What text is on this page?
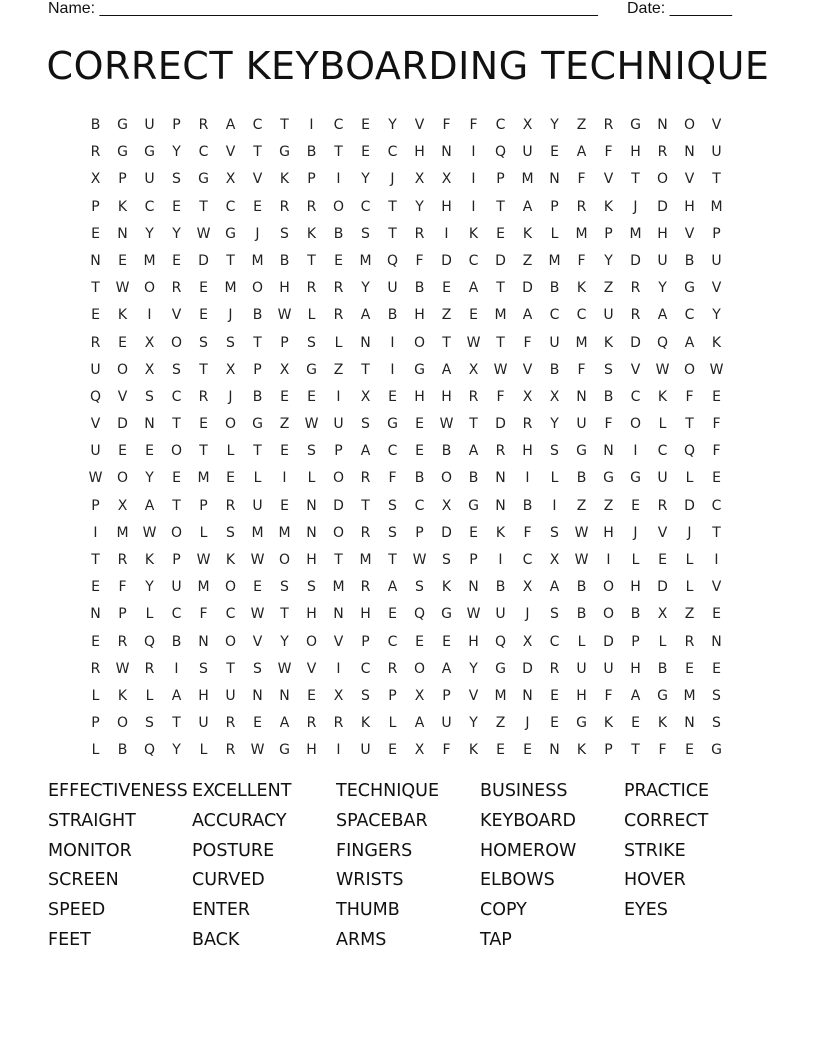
Name: ________________________________________________________ Date: _______
CORRECT KEYBOARDING TECHNIQUE
B	G	U	P	R	A	C	T	I	C	E	Y	V	F	F	C	X	Y	Z	R	G	N	O	V
R	G	G	Y	C	V	T	G	B	T	E	C	H	N	I	Q	U	E	A	F	H	R	N	U
X	P	U	S	G	X	V	K	P	I	Y	J	X	X	I	P	M	N	F	V	T	O	V	T
P	K	C	E	T	C	E	R	R	O	C	T	Y	H	I	T	A	P	R	K	J	D	H	M
E	N	Y	Y	W	G	J	S	K	B	S	T	R	I	K	E	K	L	M	P	M	H	V	P
N	E	M	E	D	T	M	B	T	E	M	Q	F	D	C	D	Z	M	F	Y	D	U	B	U
T	W	O	R	E	M	O	H	R	R	Y	U	B	E	A	T	D	B	K	Z	R	Y	G	V
E	K	I	V	E	J	B	W	L	R	A	B	H	Z	E	M	A	C	C	U	R	A	C	Y
R	E	X	O	S	S	T	P	S	L	N	I	O	T	W	T	F	U	M	K	D	Q	A	K
U	O	X	S	T	X	P	X	G	Z	T	I	G	A	X	W	V	B	F	S	V	W	O	W
Q	V	S	C	R	J	B	E	E	I	X	E	H	H	R	F	X	X	N	B	C	K	F	E
V	D	N	T	E	O	G	Z	W	U	S	G	E	W	T	D	R	Y	U	F	O	L	T	F
U	E	E	O	T	L	T	E	S	P	A	C	E	B	A	R	H	S	G	N	I	C	Q	F
W	O	Y	E	M	E	L	I	L	O	R	F	B	O	B	N	I	L	B	G	G	U	L	E
P	X	A	T	P	R	U	E	N	D	T	S	C	X	G	N	B	I	Z	Z	E	R	D	C
I	M	W	O	L	S	M	M	N	O	R	S	P	D	E	K	F	S	W	H	J	V	J	T
T	R	K	P	W	K	W	O	H	T	M	T	W	S	P	I	C	X	W	I	L	E	L	I
E	F	Y	U	M	O	E	S	S	M	R	A	S	K	N	B	X	A	B	O	H	D	L	V
N	P	L	C	F	C	W	T	H	N	H	E	Q	G	W	U	J	S	B	O	B	X	Z	E
E	R	Q	B	N	O	V	Y	O	V	P	C	E	E	H	Q	X	C	L	D	P	L	R	N
R	W	R	I	S	T	S	W	V	I	C	R	O	A	Y	G	D	R	U	U	H	B	E	E
L	K	L	A	H	U	N	N	E	X	S	P	X	P	V	M	N	E	H	F	A	G	M	S
P	O	S	T	U	R	E	A	R	R	K	L	A	U	Y	Z	J	E	G	K	E	K	N	S
L	B	Q	Y	L	R	W	G	H	I	U	E	X	F	K	E	E	N	K	P	T	F	E	G
EFFECTIVENESS EXCELLENT	TECHNIQUE	BUSINESS	PRACTICE
STRAIGHT	ACCURACY	SPACEBAR	KEYBOARD	CORRECT
MONITOR	POSTURE	FINGERS	HOMEROW	STRIKE
SCREEN	CURVED	WRISTS	ELBOWS	HOVER
SPEED	ENTER	THUMB	COPY	EYES
FEET	BACK	ARMS	TAP
